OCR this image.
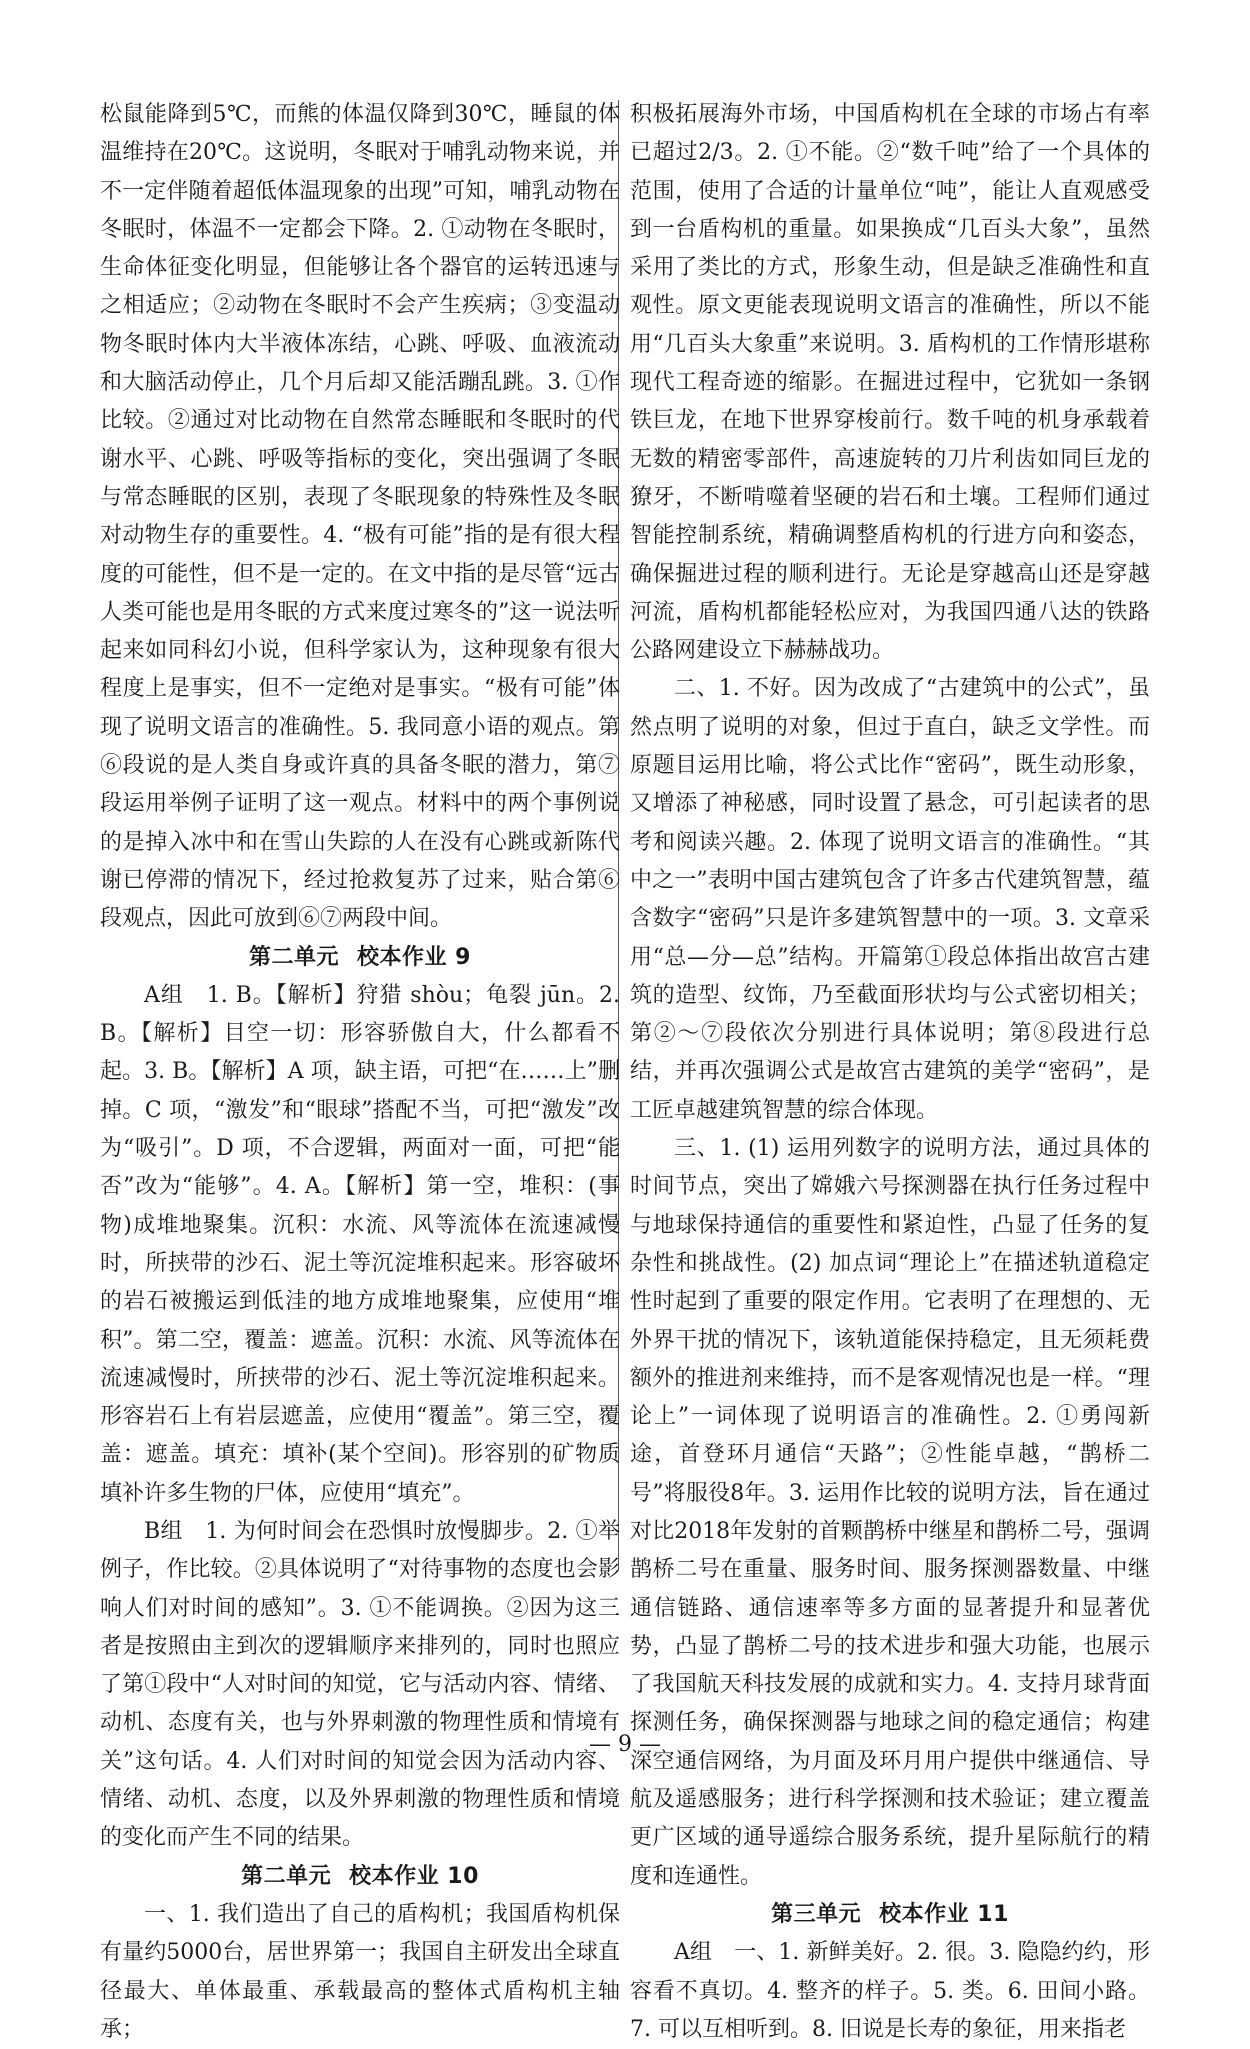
松鼠能降到5℃，而熊的体温仅降到30℃，睡鼠的体温维持在20℃。这说明，冬眠对于哺乳动物来说，并不一定伴随着超低体温现象的出现”可知，哺乳动物在冬眠时，体温不一定都会下降。2. ①动物在冬眠时，生命体征变化明显，但能够让各个器官的运转迅速与之相适应；②动物在冬眠时不会产生疾病；③变温动物冬眠时体内大半液体冻结，心跳、呼吸、血液流动和大脑活动停止，几个月后却又能活蹦乱跳。3. ①作比较。②通过对比动物在自然常态睡眠和冬眠时的代谢水平、心跳、呼吸等指标的变化，突出强调了冬眠与常态睡眠的区别，表现了冬眠现象的特殊性及冬眠对动物生存的重要性。4. “极有可能”指的是有很大程度的可能性，但不是一定的。在文中指的是尽管“远古人类可能也是用冬眠的方式来度过寒冬的”这一说法听起来如同科幻小说，但科学家认为，这种现象有很大程度上是事实，但不一定绝对是事实。“极有可能”体现了说明文语言的准确性。5. 我同意小语的观点。第⑥段说的是人类自身或许真的具备冬眠的潜力，第⑦段运用举例子证明了这一观点。材料中的两个事例说的是掉入冰中和在雪山失踪的人在没有心跳或新陈代谢已停滞的情况下，经过抢救复苏了过来，贴合第⑥段观点，因此可放到⑥⑦两段中间。

第二单元 校本作业 9

A组　1. B。【解析】狩猎 shòu；龟裂 jūn。2. B。【解析】目空一切：形容骄傲自大，什么都看不起。3. B。【解析】A 项，缺主语，可把“在……上”删掉。C 项，“激发”和“眼球”搭配不当，可把“激发”改为“吸引”。D 项，不合逻辑，两面对一面，可把“能否”改为“能够”。4. A。【解析】第一空，堆积：(事物)成堆地聚集。沉积：水流、风等流体在流速减慢时，所挟带的沙石、泥土等沉淀堆积起来。形容破坏的岩石被搬运到低洼的地方成堆地聚集，应使用“堆积”。第二空，覆盖：遮盖。沉积：水流、风等流体在流速减慢时，所挟带的沙石、泥土等沉淀堆积起来。形容岩石上有岩层遮盖，应使用“覆盖”。第三空，覆盖：遮盖。填充：填补(某个空间)。形容别的矿物质填补许多生物的尸体，应使用“填充”。

B组　1. 为何时间会在恐惧时放慢脚步。2. ①举例子，作比较。②具体说明了“对待事物的态度也会影响人们对时间的感知”。3. ①不能调换。②因为这三者是按照由主到次的逻辑顺序来排列的，同时也照应了第①段中“人对时间的知觉，它与活动内容、情绪、动机、态度有关，也与外界刺激的物理性质和情境有关”这句话。4. 人们对时间的知觉会因为活动内容、情绪、动机、态度，以及外界刺激的物理性质和情境的变化而产生不同的结果。

第二单元 校本作业 10

一、1. 我们造出了自己的盾构机；我国盾构机保有量约5000台，居世界第一；我国自主研发出全球直径最大、单体最重、承载最高的整体式盾构机主轴承；

积极拓展海外市场，中国盾构机在全球的市场占有率已超过2/3。2. ①不能。②“数千吨”给了一个具体的范围，使用了合适的计量单位“吨”，能让人直观感受到一台盾构机的重量。如果换成“几百头大象”，虽然采用了类比的方式，形象生动，但是缺乏准确性和直观性。原文更能表现说明文语言的准确性，所以不能用“几百头大象重”来说明。3. 盾构机的工作情形堪称现代工程奇迹的缩影。在掘进过程中，它犹如一条钢铁巨龙，在地下世界穿梭前行。数千吨的机身承载着无数的精密零部件，高速旋转的刀片利齿如同巨龙的獠牙，不断啃噬着坚硬的岩石和土壤。工程师们通过智能控制系统，精确调整盾构机的行进方向和姿态，确保掘进过程的顺利进行。无论是穿越高山还是穿越河流，盾构机都能轻松应对，为我国四通八达的铁路公路网建设立下赫赫战功。

二、1. 不好。因为改成了“古建筑中的公式”，虽然点明了说明的对象，但过于直白，缺乏文学性。而原题目运用比喻，将公式比作“密码”，既生动形象，又增添了神秘感，同时设置了悬念，可引起读者的思考和阅读兴趣。2. 体现了说明文语言的准确性。“其中之一”表明中国古建筑包含了许多古代建筑智慧，蕴含数字“密码”只是许多建筑智慧中的一项。3. 文章采用“总—分—总”结构。开篇第①段总体指出故宫古建筑的造型、纹饰，乃至截面形状均与公式密切相关；第②～⑦段依次分别进行具体说明；第⑧段进行总结，并再次强调公式是故宫古建筑的美学“密码”，是工匠卓越建筑智慧的综合体现。

三、1. (1) 运用列数字的说明方法，通过具体的时间节点，突出了嫦娥六号探测器在执行任务过程中与地球保持通信的重要性和紧迫性，凸显了任务的复杂性和挑战性。(2) 加点词“理论上”在描述轨道稳定性时起到了重要的限定作用。它表明了在理想的、无外界干扰的情况下，该轨道能保持稳定，且无须耗费额外的推进剂来维持，而不是客观情况也是一样。“理论上”一词体现了说明语言的准确性。2. ①勇闯新途，首登环月通信“天路”；②性能卓越，“鹊桥二号”将服役8年。3. 运用作比较的说明方法，旨在通过对比2018年发射的首颗鹊桥中继星和鹊桥二号，强调鹊桥二号在重量、服务时间、服务探测器数量、中继通信链路、通信速率等多方面的显著提升和显著优势，凸显了鹊桥二号的技术进步和强大功能，也展示了我国航天科技发展的成就和实力。4. 支持月球背面探测任务，确保探测器与地球之间的稳定通信；构建深空通信网络，为月面及环月用户提供中继通信、导航及遥感服务；进行科学探测和技术验证；建立覆盖更广区域的通导遥综合服务系统，提升星际航行的精度和连通性。

第三单元 校本作业 11

A组　一、1. 新鲜美好。2. 很。3. 隐隐约约，形容看不真切。4. 整齐的样子。5. 类。6. 田间小路。7. 可以互相听到。8. 旧说是长寿的象征，用来指老

— 9 —
